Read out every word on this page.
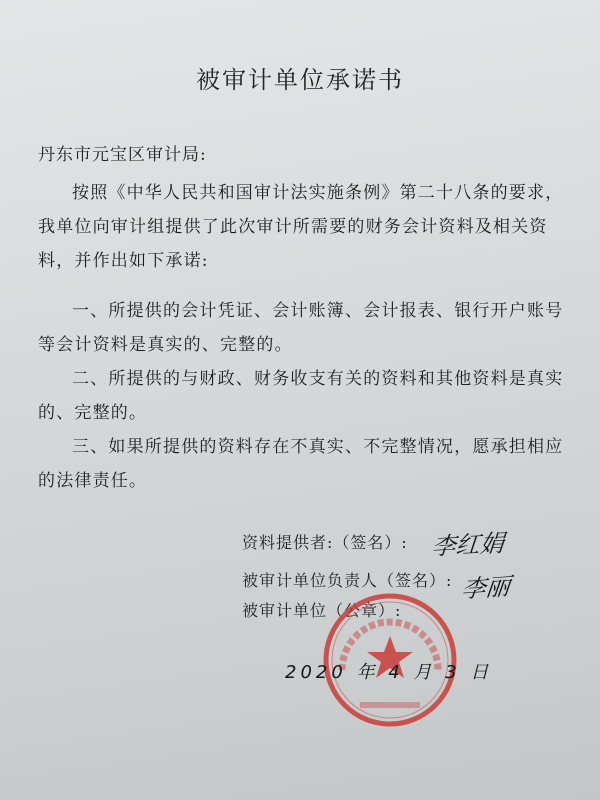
被审计单位承诺书
丹东市元宝区审计局:
按照《中华人民共和国审计法实施条例》第二十八条的要求，我单位向审计组提供了此次审计所需要的财务会计资料及相关资料，并作出如下承诺:
一、所提供的会计凭证、会计账簿、会计报表、银行开户账号等会计资料是真实的、完整的。
二、所提供的与财政、财务收支有关的资料和其他资料是真实的、完整的。
三、如果所提供的资料存在不真实、不完整情况，愿承担相应的法律责任。
资料提供者:（签名）: 李红娟
被审计单位负责人（签名）: 李丽
被审计单位（公章）:
2020 年 4 月 3 日
